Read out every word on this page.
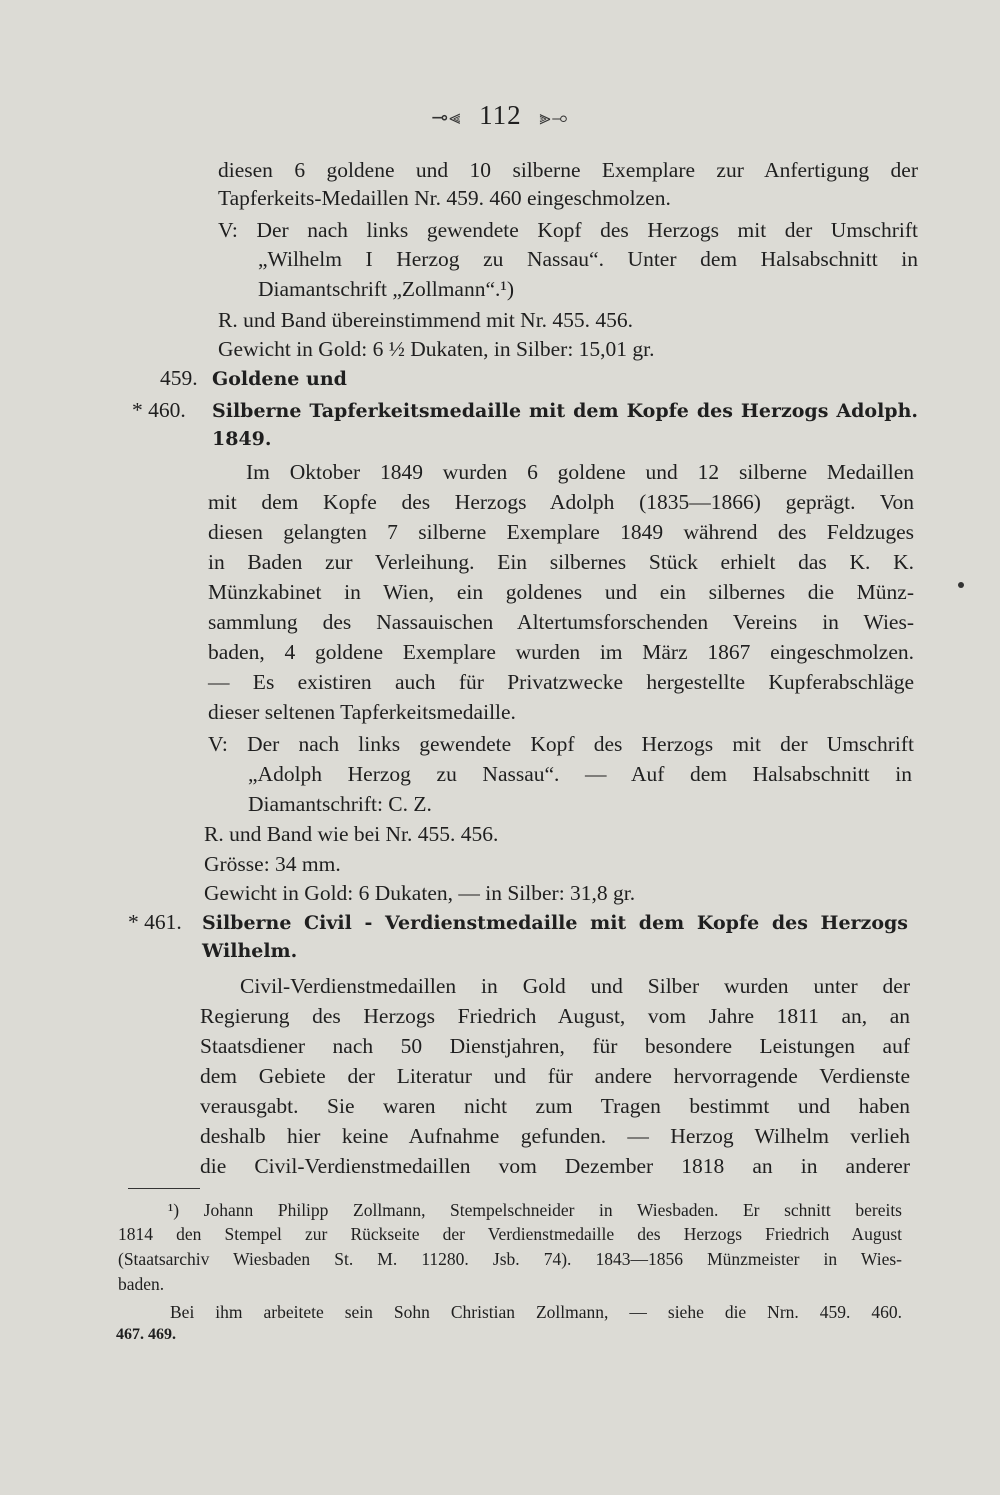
⊸⫷ 112 ⫸⊸
diesen 6 goldene und 10 silberne Exemplare zur Anfertigung der
Tapferkeits-Medaillen Nr. 459. 460 eingeschmolzen.
V: Der nach links gewendete Kopf des Herzogs mit der Umschrift
„Wilhelm I Herzog zu Nassau“. Unter dem Halsabschnitt in
Diamantschrift „Zollmann“.¹)
R. und Band übereinstimmend mit Nr. 455. 456.
Gewicht in Gold: 6 ½ Dukaten, in Silber: 15,01 gr.
459. Goldene und
* 460. Silberne Tapferkeitsmedaille mit dem Kopfe des Herzogs Adolph.
1849.
Im Oktober 1849 wurden 6 goldene und 12 silberne Medaillen
mit dem Kopfe des Herzogs Adolph (1835—1866) geprägt. Von
diesen gelangten 7 silberne Exemplare 1849 während des Feldzuges
in Baden zur Verleihung. Ein silbernes Stück erhielt das K. K.
Münzkabinet in Wien, ein goldenes und ein silbernes die Münz-
sammlung des Nassauischen Altertumsforschenden Vereins in Wies-
baden, 4 goldene Exemplare wurden im März 1867 eingeschmolzen.
— Es existiren auch für Privatzwecke hergestellte Kupferabschläge
dieser seltenen Tapferkeitsmedaille.
V: Der nach links gewendete Kopf des Herzogs mit der Umschrift
„Adolph Herzog zu Nassau“. — Auf dem Halsabschnitt in
Diamantschrift: C. Z.
R. und Band wie bei Nr. 455. 456.
Grösse: 34 mm.
Gewicht in Gold: 6 Dukaten, — in Silber: 31,8 gr.
* 461. Silberne Civil - Verdienstmedaille mit dem Kopfe des Herzogs
Wilhelm.
Civil-Verdienstmedaillen in Gold und Silber wurden unter der
Regierung des Herzogs Friedrich August, vom Jahre 1811 an, an
Staatsdiener nach 50 Dienstjahren, für besondere Leistungen auf
dem Gebiete der Literatur und für andere hervorragende Verdienste
verausgabt. Sie waren nicht zum Tragen bestimmt und haben
deshalb hier keine Aufnahme gefunden. — Herzog Wilhelm verlieh
die Civil-Verdienstmedaillen vom Dezember 1818 an in anderer
¹) Johann Philipp Zollmann, Stempelschneider in Wiesbaden. Er schnitt bereits
1814 den Stempel zur Rückseite der Verdienstmedaille des Herzogs Friedrich August
(Staatsarchiv Wiesbaden St. M. 11280. Jsb. 74). 1843—1856 Münzmeister in Wies-
baden.
Bei ihm arbeitete sein Sohn Christian Zollmann, — siehe die Nrn. 459. 460.
467. 469.
